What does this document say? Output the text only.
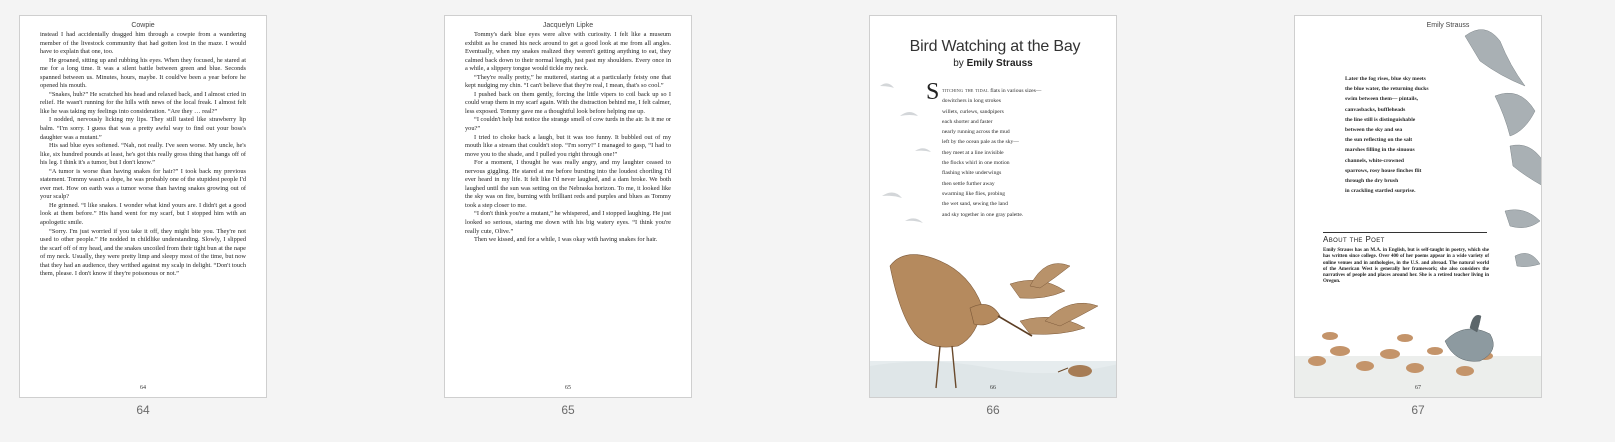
Cowpie

instead I had accidentally dragged him through a cowpie from a wandering member of the livestock community that had gotten lost in the maze. I would have to explain that one, too.

He groaned, sitting up and rubbing his eyes. When they focused, he stared at me for a long time. It was a silent battle between green and blue. Seconds spanned between us. Minutes, hours, maybe. It could've been a year before he opened his mouth.

“Snakes, huh?” He scratched his head and relaxed back, and I almost cried in relief. He wasn't running for the hills with news of the local freak. I almost felt like he was taking my feelings into consideration. “Are they … real?”

I nodded, nervously licking my lips. They still tasted like strawberry lip balm. “I'm sorry. I guess that was a pretty awful way to find out your boss's daughter was a mutant.”

His sad blue eyes softened. “Nah, not really. I've seen worse. My uncle, he's like, six hundred pounds at least, he's got this really gross thing that hangs off of his leg. I think it's a tumor, but I don't know.”

“A tumor is worse than having snakes for hair?” I took back my previous statement. Tommy wasn't a dope, he was probably one of the stupidest people I'd ever met. How on earth was a tumor worse than having snakes growing out of your scalp?

He grinned. “I like snakes. I wonder what kind yours are. I didn't get a good look at them before.” His hand went for my scarf, but I stopped him with an apologetic smile.

“Sorry. I'm just worried if you take it off, they might bite you. They're not used to other people.” He nodded in childlike understanding. Slowly, I slipped the scarf off of my head, and the snakes uncoiled from their tight bun at the nape of my neck. Usually, they were pretty limp and sleepy most of the time, but now that they had an audience, they writhed against my scalp in delight. “Don't touch them, please. I don't know if they're poisonous or not.”

64
64
Jacquelyn Lipke

Tommy's dark blue eyes were alive with curiosity. I felt like a museum exhibit as he craned his neck around to get a good look at me from all angles. Eventually, when my snakes realized they weren't getting anything to eat, they calmed back down to their normal length, just past my shoulders. Every once in a while, a slippery tongue would tickle my neck.

“They're really pretty,” he muttered, staring at a particularly feisty one that kept nudging my chin. “I can't believe that they're real, I mean, that's so cool.”

I pushed back on them gently, forcing the little vipers to coil back up so I could wrap them in my scarf again. With the distraction behind me, I felt calmer, less exposed. Tommy gave me a thoughtful look before helping me up.

“I couldn't help but notice the strange smell of cow turds in the air. Is it me or you?”

I tried to choke back a laugh, but it was too funny. It bubbled out of my mouth like a stream that couldn't stop. “I'm sorry!” I managed to gasp, “I had to move you to the shade, and I pulled you right through one!”

For a moment, I thought he was really angry, and my laughter ceased to nervous giggling. He stared at me before bursting into the loudest chortling I'd ever heard in my life. It felt like I'd never laughed, and a dam broke. We both laughed until the sun was setting on the Nebraska horizon. To me, it looked like the sky was on fire, burning with brilliant reds and purples and blues as Tommy took a step closer to me.

“I don't think you're a mutant,” he whispered, and I stopped laughing. He just looked so serious, staring me down with his big watery eyes. “I think you're really cute, Olive.”

Then we kissed, and for a while, I was okay with having snakes for hair.

65
65
Bird Watching at the Bay
by Emily Strauss
S titching the tidal flats in various sizes—
dowitchers in long strokes
willets, curlews, sandpipers
each shorter and faster
nearly running across the mud
left by the ocean pale as the sky—
they meet at a line invisible
the flocks whirl in one motion
flashing white underwings
then settle further away
swarming like flies, probing
the wet sand, sewing the land
and sky together in one gray palette.
66
66
Emily Strauss
Later the fog rises, blue sky meets
the blue water, the returning ducks
swim between them— pintails,
canvasbacks, buffleheads
the line still is distinguishable
between the sky and sea
the sun reflecting on the salt
marshes filling in the sinuous
channels, white-crowned
sparrows, rosy house finches flit
through the dry brush
in crackling startled surprise.
About the Poet
Emily Strauss has an M.A. in English, but is self-taught in poetry, which she has written since college. Over 400 of her poems appear in a wide variety of online venues and in anthologies, in the U.S. and abroad. The natural world of the American West is generally her framework; she also considers the narratives of people and places around her. She is a retired teacher living in Oregon.
67
67
